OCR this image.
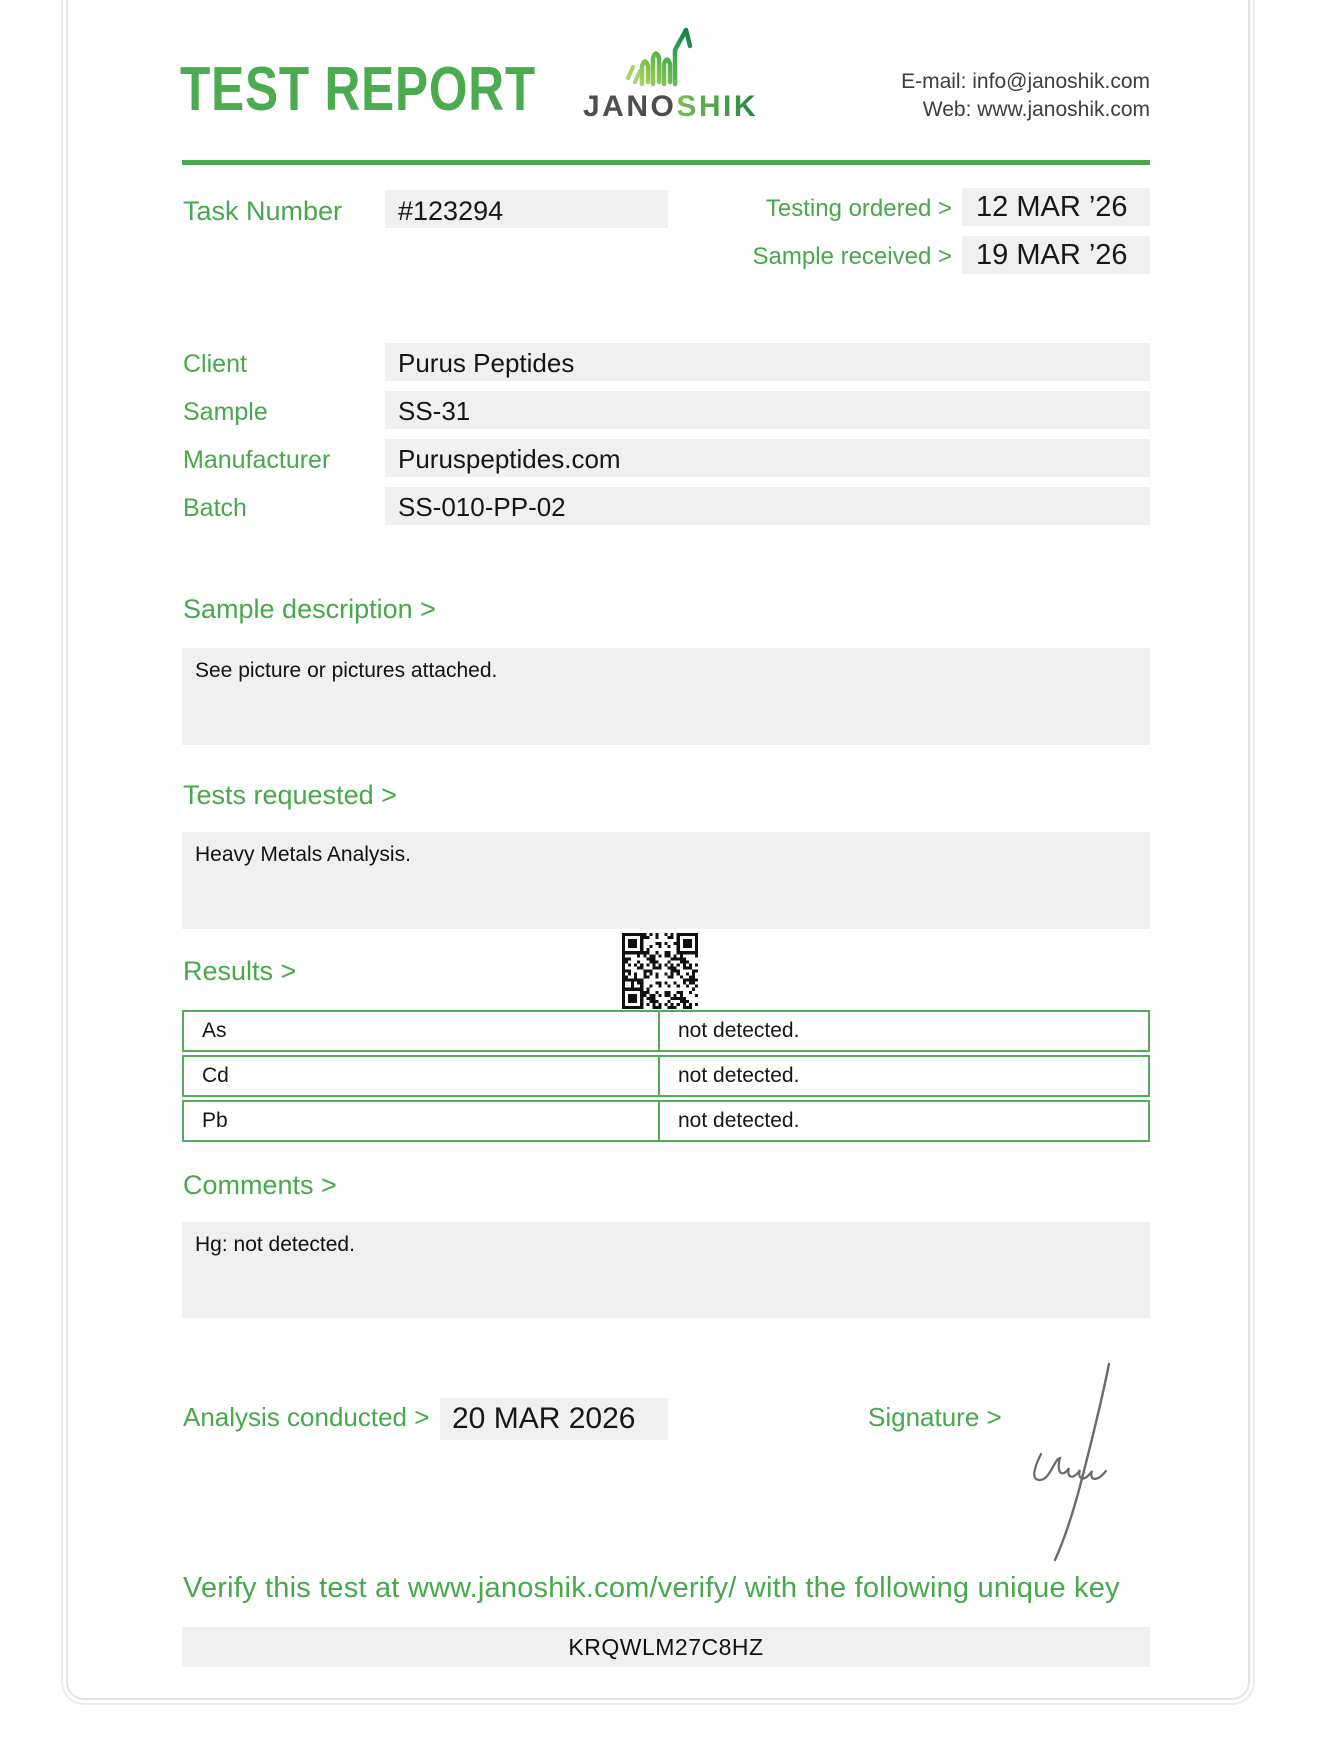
TEST REPORT JANOSHIK
E-mail: info@janoshik.com
Web: www.janoshik.com
Task Number #123294	Testing ordered > 12 MAR ’26
Sample received > 19 MAR ’26
Client	Purus Peptides
Sample	SS-31
Manufacturer	Puruspeptides.com
Batch	SS-010-PP-02
Sample description >
See picture or pictures attached.
Tests requested >
Heavy Metals Analysis.
Results >
As	not detected.
Cd	not detected.
Pb	not detected.
Comments >
Hg: not detected.
Analysis conducted > 20 MAR 2026	Signature >
Verify this test at www.janoshik.com/verify/ with the following unique key
KRQWLM27C8HZ
